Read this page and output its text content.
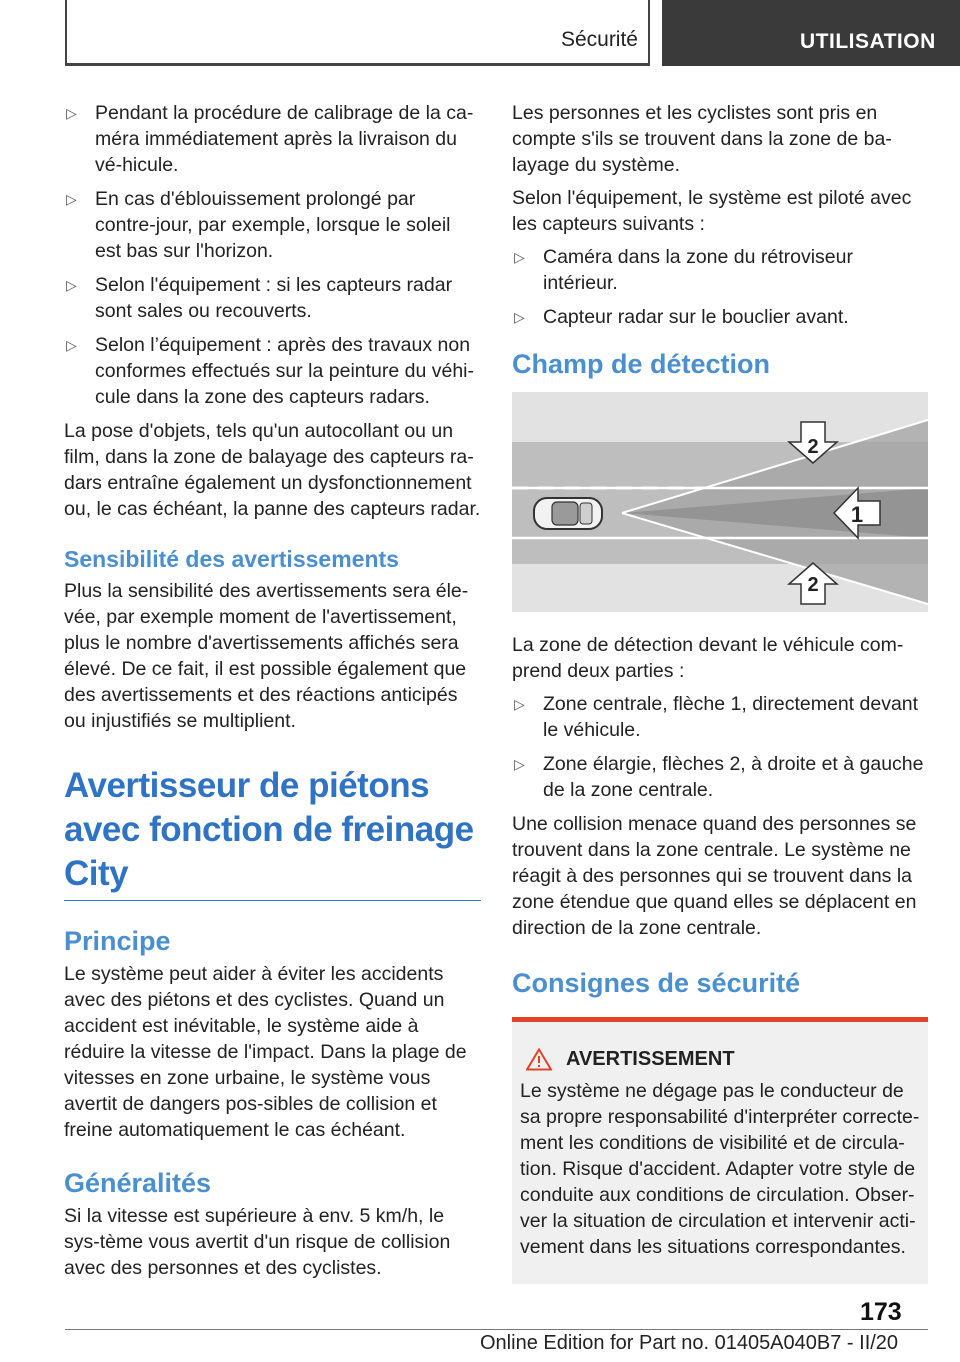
Sécurité	UTILISATION
▷ Pendant la procédure de calibrage de la ca-méra immédiatement après la livraison du vé-hicule.
▷ En cas d'éblouissement prolongé par contre-jour, par exemple, lorsque le soleil est bas sur l'horizon.
▷ Selon l'équipement : si les capteurs radar sont sales ou recouverts.
▷ Selon l’équipement : après des travaux non conformes effectués sur la peinture du véhi-cule dans la zone des capteurs radars.

La pose d'objets, tels qu'un autocollant ou un film, dans la zone de balayage des capteurs ra-dars entraîne également un dysfonctionnement ou, le cas échéant, la panne des capteurs radar.

Sensibilité des avertissements

Plus la sensibilité des avertissements sera éle-vée, par exemple moment de l'avertissement, plus le nombre d'avertissements affichés sera élevé. De ce fait, il est possible également que des avertissements et des réactions anticipés ou injustifiés se multiplient.

Avertisseur de piétons avec fonction de freinage City
Principe

Le système peut aider à éviter les accidents avec des piétons et des cyclistes. Quand un accident est inévitable, le système aide à réduire la vitesse de l'impact. Dans la plage de vitesses en zone urbaine, le système vous avertit de dangers pos-sibles de collision et freine automatiquement le cas échéant.

Généralités

Si la vitesse est supérieure à env. 5 km/h, le sys-tème vous avertit d'un risque de collision avec des personnes et des cyclistes.

Les personnes et les cyclistes sont pris en compte s'ils se trouvent dans la zone de ba-layage du système.

Selon l'équipement, le système est piloté avec les capteurs suivants :

▷ Caméra dans la zone du rétroviseur intérieur.
▷ Capteur radar sur le bouclier avant.
Champ de détection
1
2
2

La zone de détection devant le véhicule com-prend deux parties :

▷ Zone centrale, flèche 1, directement devant le véhicule.
▷ Zone élargie, flèches 2, à droite et à gauche de la zone centrale.

Une collision menace quand des personnes se trouvent dans la zone centrale. Le système ne réagit à des personnes qui se trouvent dans la zone étendue que quand elles se déplacent en direction de la zone centrale.

Consignes de sécurité
AVERTISSEMENT

Le système ne dégage pas le conducteur de sa propre responsabilité d'interpréter correcte-ment les conditions de visibilité et de circula-tion. Risque d'accident. Adapter votre style de conduite aux conditions de circulation. Obser-ver la situation de circulation et intervenir acti-vement dans les situations correspondantes.

173
Online Edition for Part no. 01405A040B7 - II/20
